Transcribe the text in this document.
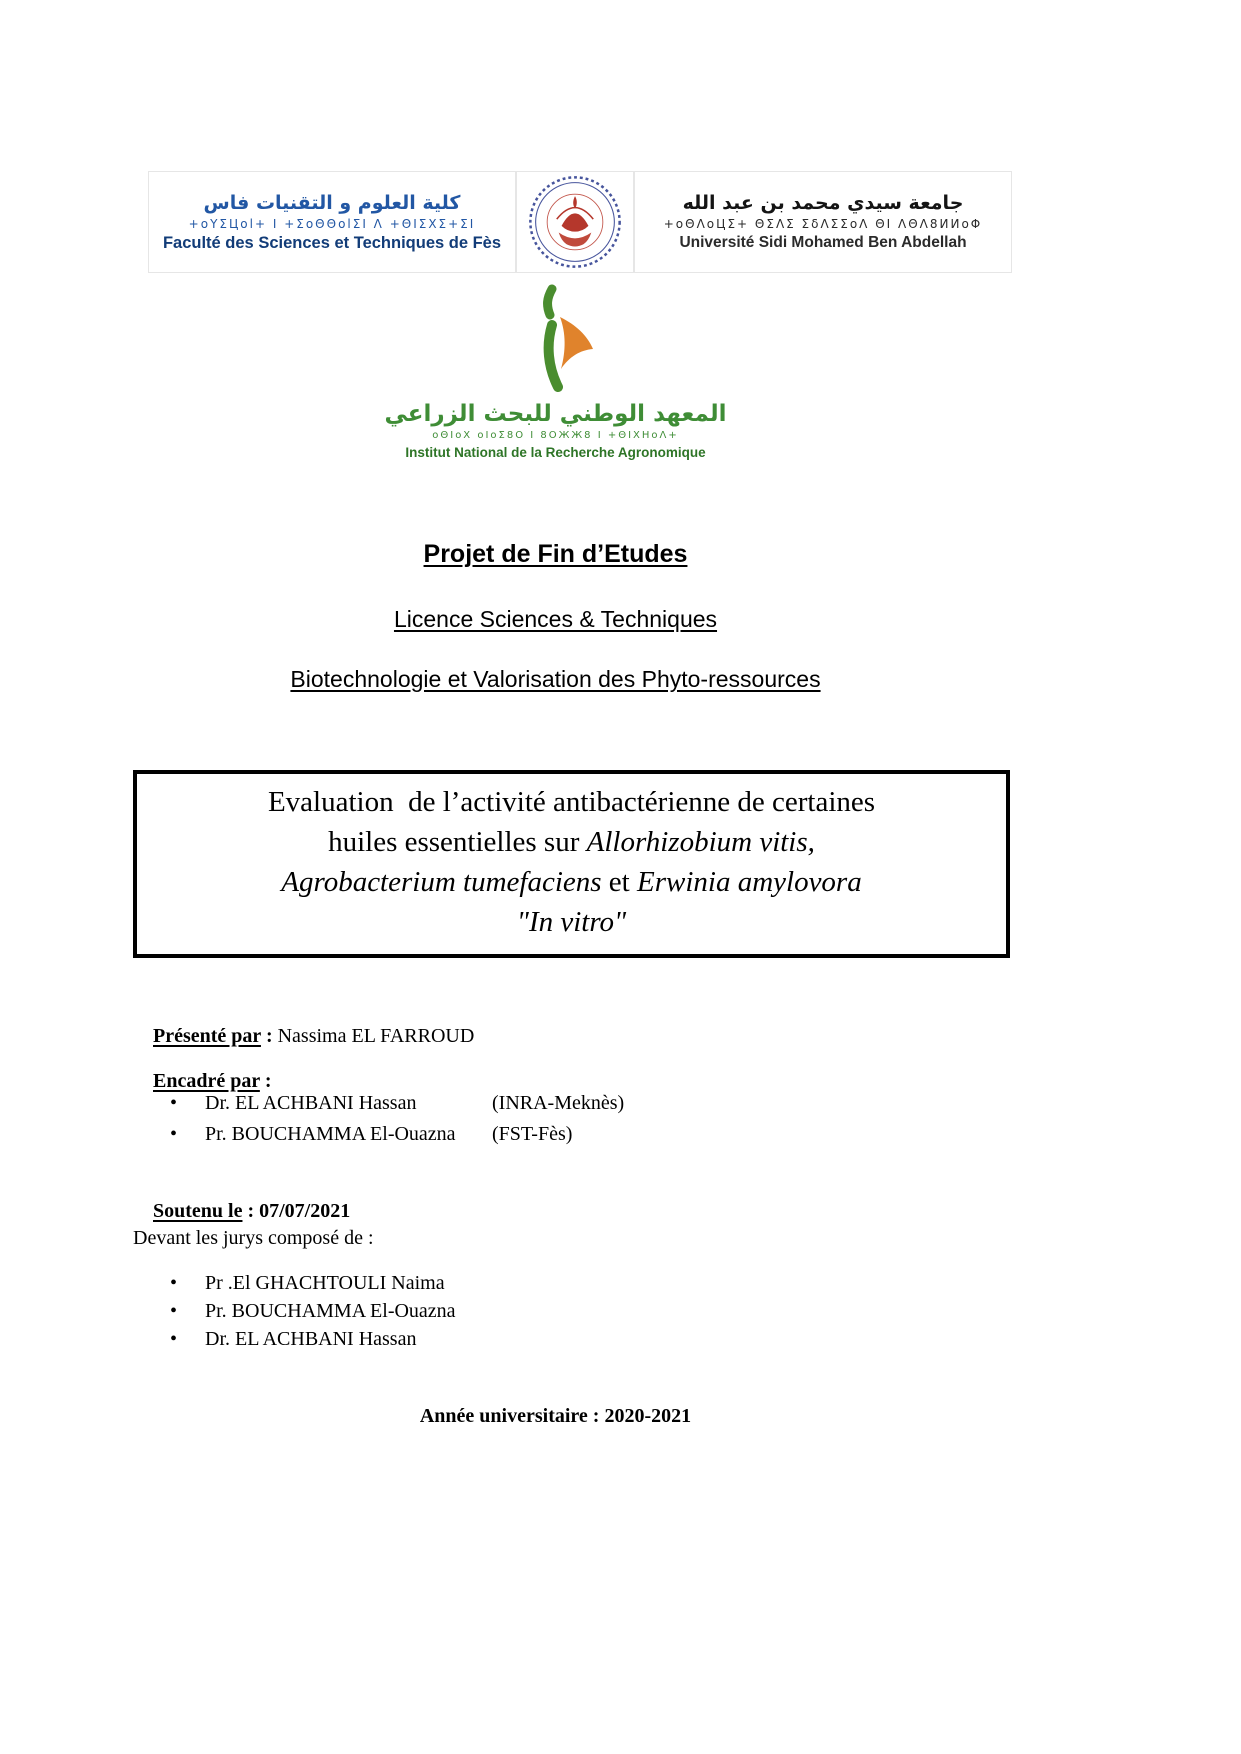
كلية العلوم و التقنيات فاس
+oYΣЦol+ I +ΣoΘΘolΣI Λ +ΘΙΣΧΣ+ΣΙ
Faculté des Sciences et Techniques de Fès
جامعة سيدي محمد بن عبد الله
+oΘΛoЦΣ+ ΘΣΛΣ ΣδΛΣΣoΛ ΘΙ ΛΘΛ8ИИoΦ
Université Sidi Mohamed Ben Abdellah
المعهد الوطني للبحث الزراعي
oΘΙoX oIoΣ8O I 8OЖЖ8 I +ΘΙΧΗoΛ+
Institut National de la Recherche Agronomique
Projet de Fin d’Etudes
Licence Sciences & Techniques
Biotechnologie et Valorisation des Phyto-ressources
Evaluation  de l’activité antibactérienne de certaines
huiles essentielles sur Allorhizobium vitis,
Agrobacterium tumefaciens et Erwinia amylovora
"In vitro"

Présenté par : Nassima EL FARROUD

Encadré par :

•	Dr. EL ACHBANI Hassan	(INRA-Meknès)
•	Pr. BOUCHAMMA El-Ouazna (FST-Fès)

Soutenu le : 07/07/2021

Devant les jurys composé de :
•	Pr .El GHACHTOULI Naima
•	Pr. BOUCHAMMA El-Ouazna
•	Dr. EL ACHBANI Hassan
Année universitaire : 2020-2021
